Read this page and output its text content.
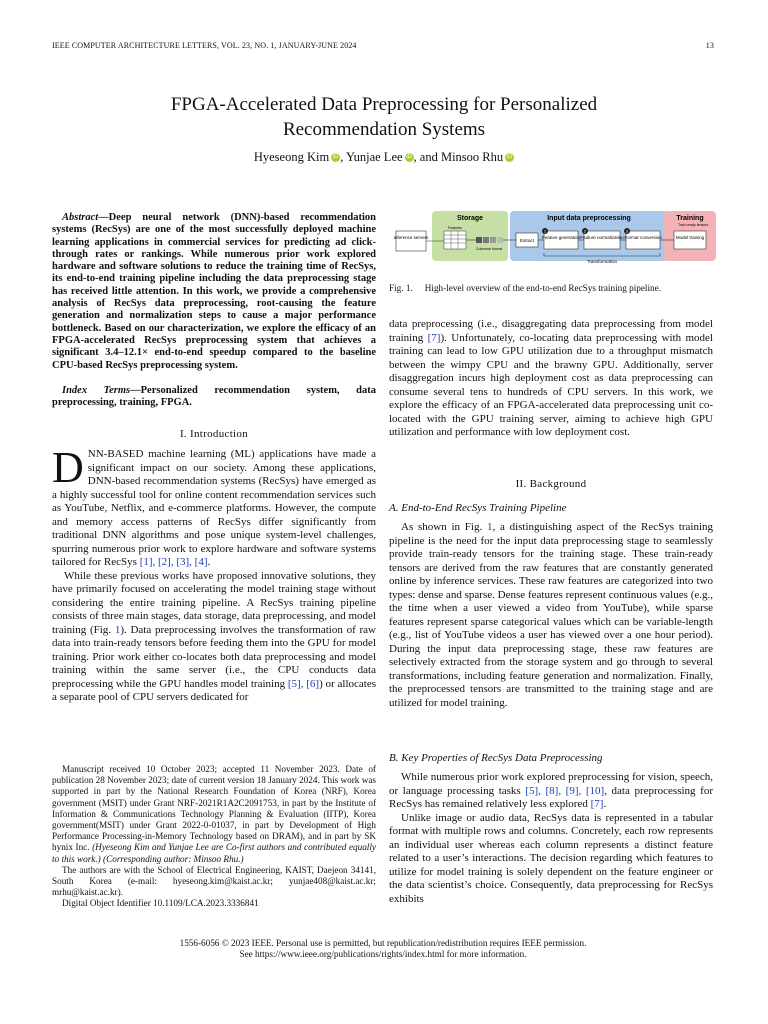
IEEE COMPUTER ARCHITECTURE LETTERS, VOL. 23, NO. 1, JANUARY-JUNE 2024	13
FPGA-Accelerated Data Preprocessing for Personalized
Recommendation Systems
Hyeseong Kim iD , Yunjae Lee iD , and Minsoo Rhu iD
Abstract—Deep neural network (DNN)-based recommendation systems (RecSys) are one of the most successfully deployed machine learning applications in commercial services for predicting ad click-through rates or rankings. While numerous prior work explored hardware and software solutions to reduce the training time of RecSys, its end-to-end training pipeline including the data preprocessing stage has received little attention. In this work, we provide a comprehensive analysis of RecSys data preprocessing, root-causing the feature generation and normalization steps to cause a major performance bottleneck. Based on our characterization, we explore the efficacy of an FPGA-accelerated RecSys preprocessing system that achieves a significant 3.4–12.1× end-to-end speedup compared to the baseline CPU-based RecSys preprocessing system.
Index Terms—Personalized recommendation system, data preprocessing, training, FPGA.
I. Introduction

DNN-BASED machine learning (ML) applications have made a significant impact on our society. Among these applications, DNN-based recommendation systems (RecSys) have emerged as a highly successful tool for online content recommendation services such as YouTube, Netflix, and e-commerce platforms. However, the compute and memory access patterns of RecSys differ significantly from traditional DNN algorithms and pose unique system-level challenges, spurring numerous prior work to explore hardware and software systems tailored for RecSys [1], [2], [3], [4].

While these previous works have proposed innovative solutions, they have primarily focused on accelerating the model training stage without considering the entire training pipeline. A RecSys training pipeline consists of three main stages, data storage, data preprocessing, and model training (Fig. 1). Data preprocessing involves the transformation of raw data into train-ready tensors before feeding them into the GPU for model training. Prior work either co-locates both data preprocessing and model training within the same server (i.e., the CPU conducts data preprocessing while the GPU handles model training [5], [6]) or allocates a separate pool of CPU servers dedicated for

Manuscript received 10 October 2023; accepted 11 November 2023. Date of publication 28 November 2023; date of current version 18 January 2024. This work was supported in part by the National Research Foundation of Korea (NRF), Korea government (MSIT) under Grant NRF-2021R1A2C2091753, in part by the Institute of Information & Communications Technology Planning & Evaluation (IITP), Korea government(MSIT) under Grant 2022-0-01037, in part by Development of High Performance Processing-in-Memory Technology based on DRAM), and in part by SK hynix Inc. (Hyeseong Kim and Yunjae Lee are Co-first authors and contributed equally to this work.) (Corresponding author: Minsoo Rhu.)

The authors are with the School of Electrical Engineering, KAIST, Daejeon 34141, South Korea (e-mail: hyeseong.kim@kaist.ac.kr; yunjae408@kaist.ac.kr; mrhu@kaist.ac.kr).

Digital Object Identifier 10.1109/LCA.2023.3336841

Storage	Input data preprocessing	Training
Inference servers
Features
Columnar format
Extract
Feature generation
1
Feature normalization
2
Format conversion
3
Train-ready tensors
Model training
Transformation
Fig. 1. High-level overview of the end-to-end RecSys training pipeline.

data preprocessing (i.e., disaggregating data preprocessing from model training [7]). Unfortunately, co-locating data preprocessing with model training can lead to low GPU utilization due to a throughput mismatch between the wimpy CPU and the brawny GPU. Additionally, server disaggregation incurs high deployment cost as data preprocessing can consume several tens to hundreds of CPU servers. In this work, we explore the efficacy of an FPGA-accelerated data preprocessing unit co-located with the GPU training server, aiming to achieve high GPU utilization and performance with low deployment cost.

II. Background
A. End-to-End RecSys Training Pipeline

As shown in Fig. 1, a distinguishing aspect of the RecSys training pipeline is the need for the input data preprocessing stage to seamlessly provide train-ready tensors for the training stage. These train-ready tensors are derived from the raw features that are constantly generated online by inference services. These raw features are categorized into two types: dense and sparse. Dense features represent continuous values (e.g., the time when a user viewed a video from YouTube), while sparse features represent sparse categorical values which can be variable-length (e.g., list of YouTube videos a user has viewed over a one hour period). During the input data preprocessing stage, these raw features are selectively extracted from the storage system and go through to several transformations, including feature generation and normalization. Finally, the preprocessed tensors are transmitted to the training stage and are utilized for model training.

B. Key Properties of RecSys Data Preprocessing

While numerous prior work explored preprocessing for vision, speech, or language processing tasks [5], [8], [9], [10], data preprocessing for RecSys has remained relatively less explored [7].

Unlike image or audio data, RecSys data is represented in a tabular format with multiple rows and columns. Concretely, each row represents an individual user whereas each column represents a distinct feature related to a user’s interactions. The decision regarding which features to utilize for model training is solely dependent on the feature engineer or the data scientist’s choice. Consequently, data preprocessing for RecSys exhibits

1556-6056 © 2023 IEEE. Personal use is permitted, but republication/redistribution requires IEEE permission.
See https://www.ieee.org/publications/rights/index.html for more information.
